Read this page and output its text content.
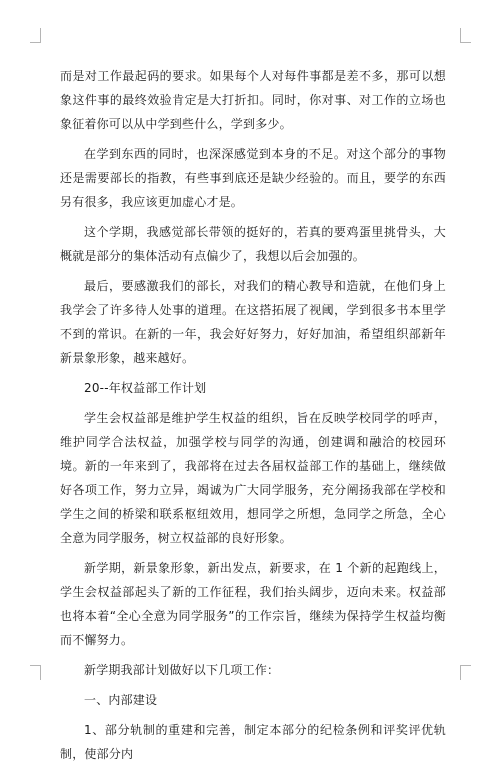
而是对工作最起码的要求。如果每个人对每件事都是差不多，那可以想象这件事的最终效验肯定是大打折扣。同时，你对事、对工作的立场也象征着你可以从中学到些什么，学到多少。

在学到东西的同时，也深深感觉到本身的不足。对这个部分的事物还是需要部长的指教，有些事到底还是缺少经验的。而且，要学的东西另有很多，我应该更加虚心才是。

这个学期，我感觉部长带领的挺好的，若真的要鸡蛋里挑骨头，大概就是部分的集体活动有点偏少了，我想以后会加强的。

最后，要感激我们的部长，对我们的精心教导和造就，在他们身上我学会了许多待人处事的道理。在这搭拓展了视阈，学到很多书本里学不到的常识。在新的一年，我会好好努力，好好加油，希望组织部新年新景象形象，越来越好。

20--年权益部工作计划

学生会权益部是维护学生权益的组织，旨在反映学校同学的呼声，维护同学合法权益，加强学校与同学的沟通，创建调和融洽的校园环境。新的一年来到了，我部将在过去各届权益部工作的基础上，继续做好各项工作，努力立异，竭诚为广大同学服务，充分阐扬我部在学校和学生之间的桥梁和联系枢纽效用，想同学之所想，急同学之所急，全心全意为同学服务，树立权益部的良好形象。

新学期，新景象形象，新出发点，新要求，在 1 个新的起跑线上，学生会权益部起头了新的工作征程，我们抬头阔步，迈向未来。权益部也将本着“全心全意为同学服务”的工作宗旨，继续为保持学生权益均衡而不懈努力。

新学期我部计划做好以下几项工作：

一、内部建设

1、部分轨制的重建和完善，制定本部分的纪检条例和评奖评优轨制，使部分内
